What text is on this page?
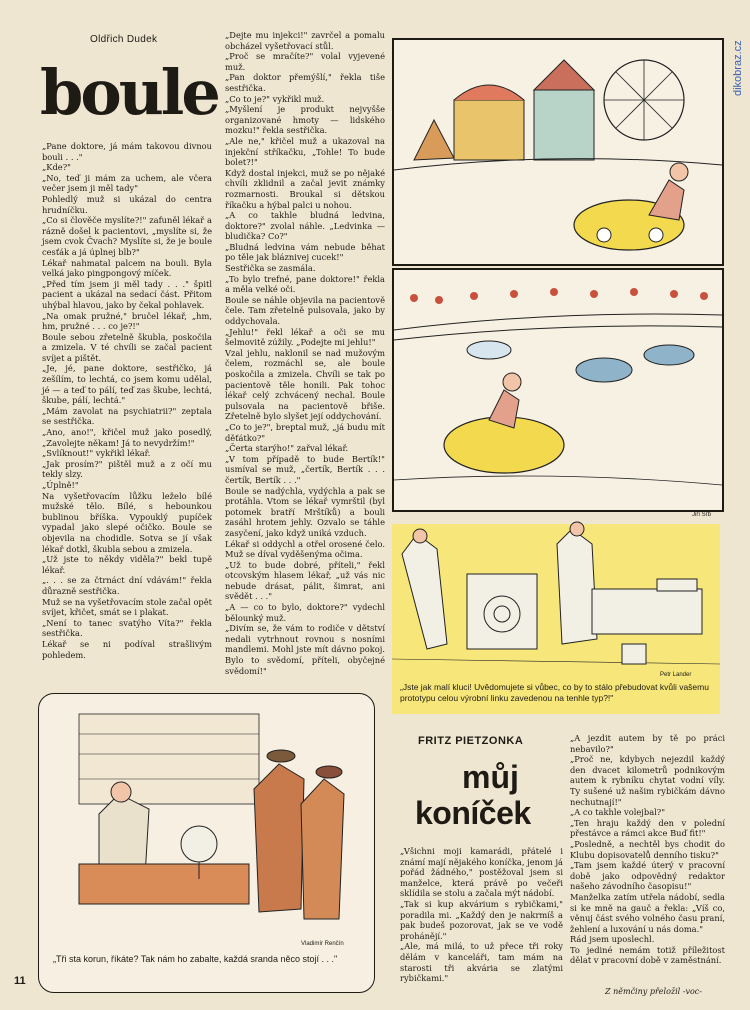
dikobraz.cz
Oldřich Dudek
boule
„Pane doktore, já mám takovou divnou bouli . . ."
„Kde?"
„No, teď ji mám za uchem, ale včera večer jsem ji měl tady"
Pohledlý muž si ukázal do centra hrudníčku.
„Co si člověče myslíte?!" zafuněl lékař a rázně došel k pacientovi, „myslíte si, že jsem cvok Čvach? Myslíte si, že je boule cesťák a já úplnej blb?"
Lékař nahmatal palcem na bouli. Byla velká jako pingpongový míček.
„Před tím jsem ji měl tady . . ." špitl pacient a ukázal na sedací část. Přitom uhýbal hlavou, jako by čekal pohlavek.
„Na omak pružné," bručel lékař, „hm, hm, pružné . . . co je?!"
Boule sebou zřetelně škubla, poskočila a zmizela. V té chvíli se začal pacient svíjet a pištět.
„Je, jé, pane doktore, sestřičko, já zešílím, to lechtá, co jsem komu udělal, jé — a teď to pálí, teď zas škube, lechtá, škube, pálí, lechtá."
„Mám zavolat na psychiatrii?" zeptala se sestřička.
„Ano, ano!", křičel muž jako posedlý, „Zavolejte někam! Já to nevydržím!"
„Svlíknout!" vykřikl lékař.
„Jak prosím?" pištěl muž a z očí mu tekly slzy.
„Úplně!"
Na vyšetřovacím lůžku leželo bílé mužské tělo. Bílé, s hebounkou bublinou bříška. Vypouklý pupíček vypadal jako slepé očičko. Boule se objevila na chodidle. Sotva se jí však lékař dotkl, škubla sebou a zmizela.
„Už jste to někdy viděla?" bekl tupě lékař.
„. . . se za čtrnáct dní vdávám!" řekla důrazně sestřička.
Muž se na vyšetřovacím stole začal opět svíjet, křičet, smát se i plakat.
„Není to tanec svatýho Víta?" řekla sestřička.
Lékař se ni podíval strašlivým pohledem.
„Dejte mu injekci!" zavrčel a pomalu obcházel vyšetřovací stůl.
„Proč se mračíte?" volal vyjevené muž.
„Pan doktor přemýšlí," řekla tiše sestřička.
„Co to je?" vykřikl muž.
„Myšlení je produkt nejvyšše organizované hmoty — lidského mozku!" řekla sestřička.
„Ale ne," křičel muž a ukazoval na injekční stříkačku, „Tohle! To bude bolet?!"
Když dostal injekci, muž se po nějaké chvíli zklidnil a začal jevit známky rozmarnosti. Broukal si dětskou říkačku a hýbal palci u nohou.
„A co takhle bludná ledvina, doktore?" zvolal náhle. „Ledvinka — bludička? Co?"
„Bludná ledvina vám nebude běhat po těle jak bláznivej cucek!"
Sestřička se zasmála.
„To bylo trefné, pane doktore!" řekla a měla velké oči.
Boule se náhle objevila na pacientově čele. Tam zřetelně pulsovala, jako by oddychovala.
„Jehlu!" řekl lékař a oči se mu šelmovitě zúžily. „Podejte mi jehlu!"
Vzal jehlu, naklonil se nad mužovým čelem, rozmáchl se, ale boule poskočila a zmizela. Chvíli se tak po pacientově těle honili. Pak tohoc lékař celý zchvácený nechal. Boule pulsovala na pacientově břiše. Zřetelně bylo slyšet její oddychování.
„Co to je?", breptal muž, „já budu mít děťátko?"
„Čerta starýho!" zařval lékař.
„V tom případě to bude Bertík!" usmíval se muž, „čertík, Bertík . . . čertík, Bertík . . ."
Boule se nadýchla, vydýchla a pak se protáhla. Vtom se lékař vymrštil (byl potomek bratří Mrštíků) a bouli zasáhl hrotem jehly. Ozvalo se táhle zasyčení, jako když uniká vzduch.
Lékař si oddychl a otřel orosené čelo. Muž se díval vyděšenýma očima.
„Už to bude dobré, příteli," řekl otcovským hlasem lékař, „už vás nic nebude drásat, pálit, šimrat, ani svědět . . ."
„A — co to bylo, doktore?" vydechl bělounký muž.
„Divím se, že vám to rodiče v dětství nedali vytrhnout rovnou s nosními mandlemi. Mohl jste mít dávno pokoj. Bylo to svědomí, příteli, obyčejné svědomí!"
Jiří Srb
Petr Lander
„Jste jak malí kluci! Uvědomujete si vůbec, co by to stálo přebudovat kvůli vašemu prototypu celou výrobní linku zavedenou na tenhle typ?!"
Vladimír Renčín
„Tři sta korun, říkáte? Tak nám ho zabalte, každá sranda něco stojí . . ."
11
FRITZ PIETZONKA
můj
koníček
„Všichni moji kamarádi, přátelé i známí mají nějakého koníčka, jenom já pořád žádného," postěžoval jsem si manželce, která právě po večeři sklídila se stolu a začala mýt nádobí.
„Tak si kup akvárium s rybičkami," poradila mi. „Každý den je nakrmíš a pak budeš pozorovat, jak se ve vodě prohánějí."
„Ale, má milá, to už přece tři roky dělám v kanceláři, tam mám na starosti tři akvária se zlatými rybičkami."
„A jezdit autem by tě po práci nebavilo?"
„Proč ne, kdybych nejezdil každý den dvacet kilometrů podnikovým autem k rybníku chytat vodní víly. Ty sušené už našim rybičkám dávno nechutnají!"
„A co takhle volejbal?"
„Ten hraju každý den v polední přestávce a rámci akce Buď fit!"
„Posledně, a nechtěl bys chodit do Klubu dopisovatelů denního tisku?"
„Tam jsem každé úterý v pracovní době jako odpovědný redaktor našeho závodního časopisu!"
Manželka zatím utřela nádobí, sedla si ke mně na gauč a řekla: „Víš co, věnuj část svého volného času praní, žehlení a luxování u nás doma."
Rád jsem uposlechl.
To jediné nemám totiž příležitost dělat v pracovní době v zaměstnání.
Z němčiny přeložil -voc-
